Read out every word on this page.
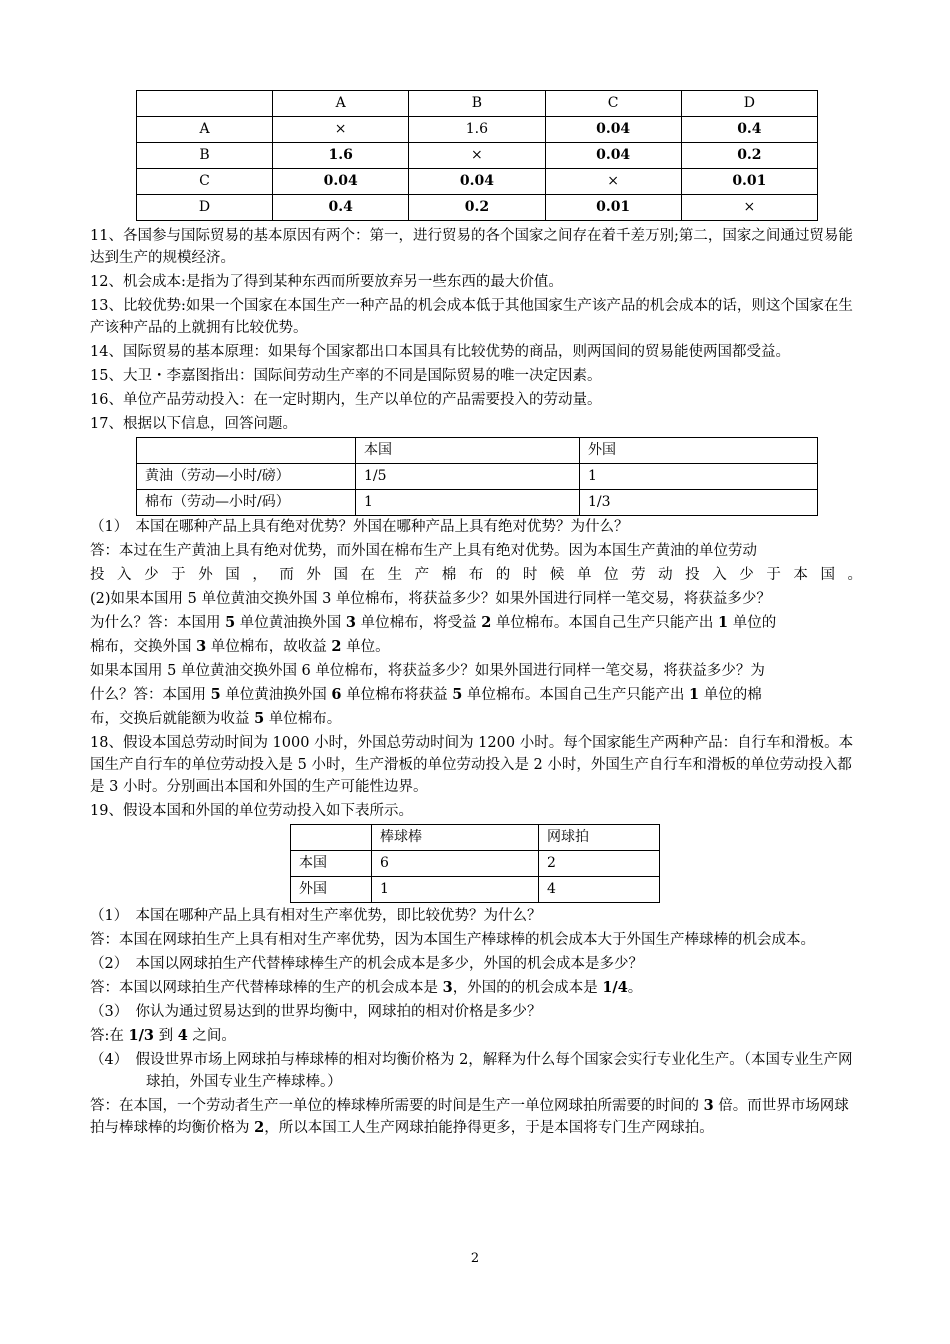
	A	B	C	D
A	×	1.6	0.04	0.4
B	1.6	×	0.04	0.2
C	0.04	0.04	×	0.01
D	0.4	0.2	0.01	×

11、各国参与国际贸易的基本原因有两个：第一，进行贸易的各个国家之间存在着千差万别;第二，国家之间通过贸易能达到生产的规模经济。

12、机会成本:是指为了得到某种东西而所要放弃另一些东西的最大价值。

13、比较优势:如果一个国家在本国生产一种产品的机会成本低于其他国家生产该产品的机会成本的话，则这个国家在生产该种产品的上就拥有比较优势。

14、国际贸易的基本原理：如果每个国家都出口本国具有比较优势的商品，则两国间的贸易能使两国都受益。

15、大卫・李嘉图指出：国际间劳动生产率的不同是国际贸易的唯一决定因素。

16、单位产品劳动投入：在一定时期内，生产以单位的产品需要投入的劳动量。

17、根据以下信息，回答问题。

	本国	外国
黄油（劳动—小时/磅）	1/5	1
棉布（劳动—小时/码）	1	1/3

（1）　本国在哪种产品上具有绝对优势？外国在哪种产品上具有绝对优势？为什么？

答：本过在生产黄油上具有绝对优势，而外国在棉布生产上具有绝对优势。因为本国生产黄油的单位劳动

投入少于外国，而外国在生产棉布的时候单位劳动投入少于本国。

(2)如果本国用 5 单位黄油交换外国 3 单位棉布，将获益多少？如果外国进行同样一笔交易，将获益多少？

为什么？答：本国用 5 单位黄油换外国 3 单位棉布，将受益 2 单位棉布。本国自己生产只能产出 1 单位的

棉布，交换外国 3 单位棉布，故收益 2 单位。

如果本国用 5 单位黄油交换外国 6 单位棉布，将获益多少？如果外国进行同样一笔交易，将获益多少？为

什么？答：本国用 5 单位黄油换外国 6 单位棉布将获益 5 单位棉布。本国自己生产只能产出 1 单位的棉

布，交换后就能额为收益 5 单位棉布。

18、假设本国总劳动时间为 1000 小时，外国总劳动时间为 1200 小时。每个国家能生产两种产品：自行车和滑板。本国生产自行车的单位劳动投入是 5 小时，生产滑板的单位劳动投入是 2 小时，外国生产自行车和滑板的单位劳动投入都是 3 小时。分别画出本国和外国的生产可能性边界。

19、假设本国和外国的单位劳动投入如下表所示。

	棒球棒	网球拍
本国	6	2
外国	1	4

（1）　本国在哪种产品上具有相对生产率优势，即比较优势？为什么？

答：本国在网球拍生产上具有相对生产率优势，因为本国生产棒球棒的机会成本大于外国生产棒球棒的机会成本。

（2）　本国以网球拍生产代替棒球棒生产的机会成本是多少，外国的机会成本是多少？

答：本国以网球拍生产代替棒球棒的生产的机会成本是 3，外国的的机会成本是 1/4。

（3）　你认为通过贸易达到的世界均衡中，网球拍的相对价格是多少？

答:在 1/3 到 4 之间。

（4）　假设世界市场上网球拍与棒球棒的相对均衡价格为 2，解释为什么每个国家会实行专业化生产。（本国专业生产网球拍，外国专业生产棒球棒。）

答：在本国，一个劳动者生产一单位的棒球棒所需要的时间是生产一单位网球拍所需要的时间的 3 倍。而世界市场网球拍与棒球棒的均衡价格为 2，所以本国工人生产网球拍能挣得更多，于是本国将专门生产网球拍。

2
